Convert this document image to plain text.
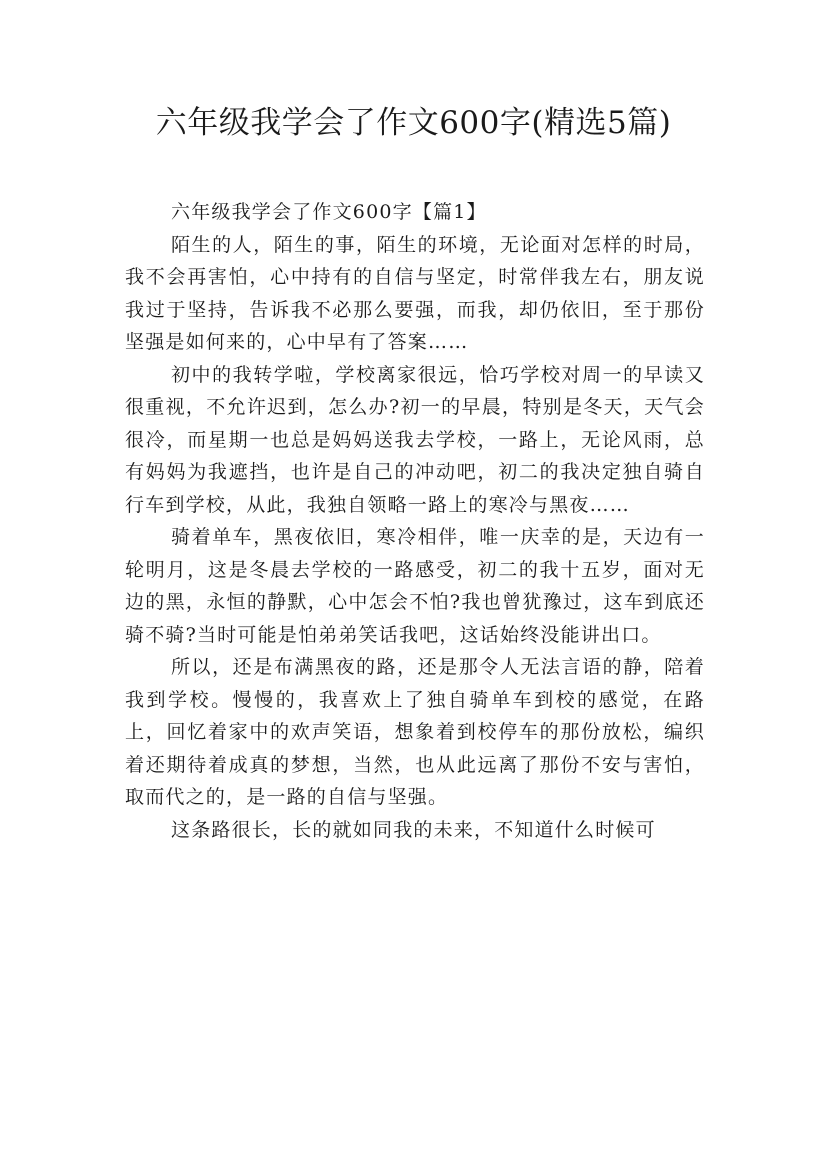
六年级我学会了作文600字(精选5篇)
六年级我学会了作文600字【篇1】

陌生的人，陌生的事，陌生的环境，无论面对怎样的时局，我不会再害怕，心中持有的自信与坚定，时常伴我左右，朋友说我过于坚持，告诉我不必那么要强，而我，却仍依旧，至于那份坚强是如何来的，心中早有了答案……

初中的我转学啦，学校离家很远，恰巧学校对周一的早读又很重视，不允许迟到，怎么办?初一的早晨，特别是冬天，天气会很冷，而星期一也总是妈妈送我去学校，一路上，无论风雨，总有妈妈为我遮挡，也许是自己的冲动吧，初二的我决定独自骑自行车到学校，从此，我独自领略一路上的寒冷与黑夜……

骑着单车，黑夜依旧，寒冷相伴，唯一庆幸的是，天边有一轮明月，这是冬晨去学校的一路感受，初二的我十五岁，面对无边的黑，永恒的静默，心中怎会不怕?我也曾犹豫过，这车到底还骑不骑?当时可能是怕弟弟笑话我吧，这话始终没能讲出口。

所以，还是布满黑夜的路，还是那令人无法言语的静，陪着我到学校。慢慢的，我喜欢上了独自骑单车到校的感觉，在路上，回忆着家中的欢声笑语，想象着到校停车的那份放松，编织着还期待着成真的梦想，当然，也从此远离了那份不安与害怕，取而代之的，是一路的自信与坚强。

这条路很长，长的就如同我的未来，不知道什么时候可
